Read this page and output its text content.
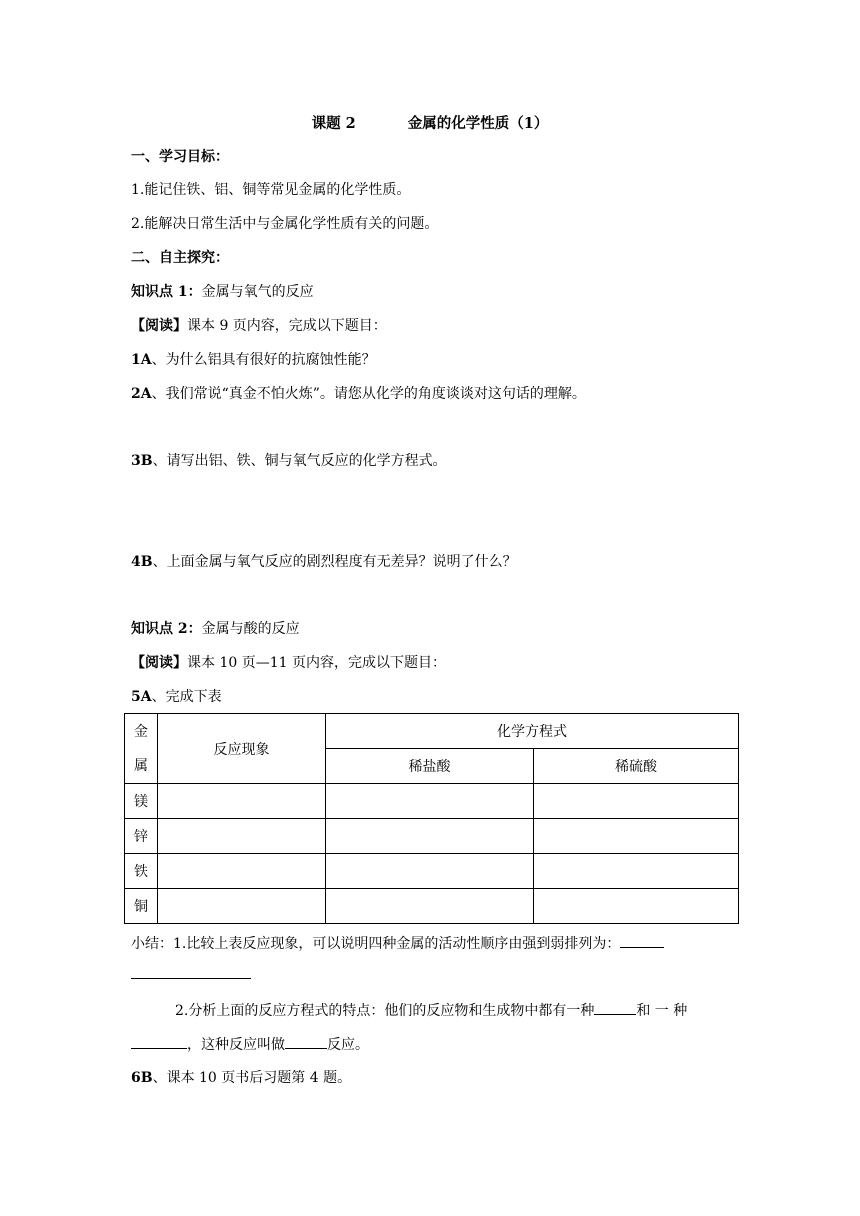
课题 2	金属的化学性质（1）
一、学习目标：
1.能记住铁、铝、铜等常见金属的化学性质。
2.能解决日常生活中与金属化学性质有关的问题。
二、自主探究：
知识点 1：金属与氧气的反应
【阅读】课本 9 页内容，完成以下题目：
1A、为什么铝具有很好的抗腐蚀性能？
2A、我们常说“真金不怕火炼”。请您从化学的角度谈谈对这句话的理解。
3B、请写出铝、铁、铜与氧气反应的化学方程式。
4B、上面金属与氧气反应的剧烈程度有无差异？说明了什么？
知识点 2：金属与酸的反应
【阅读】课本 10 页—11 页内容，完成以下题目：
5A、完成下表
金
属	反应现象	化学方程式	
		稀盐酸	稀硫酸
镁			
锌			
铁			
铜			
小结：1.比较上表反应现象，可以说明四种金属的活动性顺序由强到弱排列为：
2.分析上面的反应方程式的特点：他们的反应物和生成物中都有一种	和 一 种
，这种反应叫做	反应。
6B、课本 10 页书后习题第 4 题。
